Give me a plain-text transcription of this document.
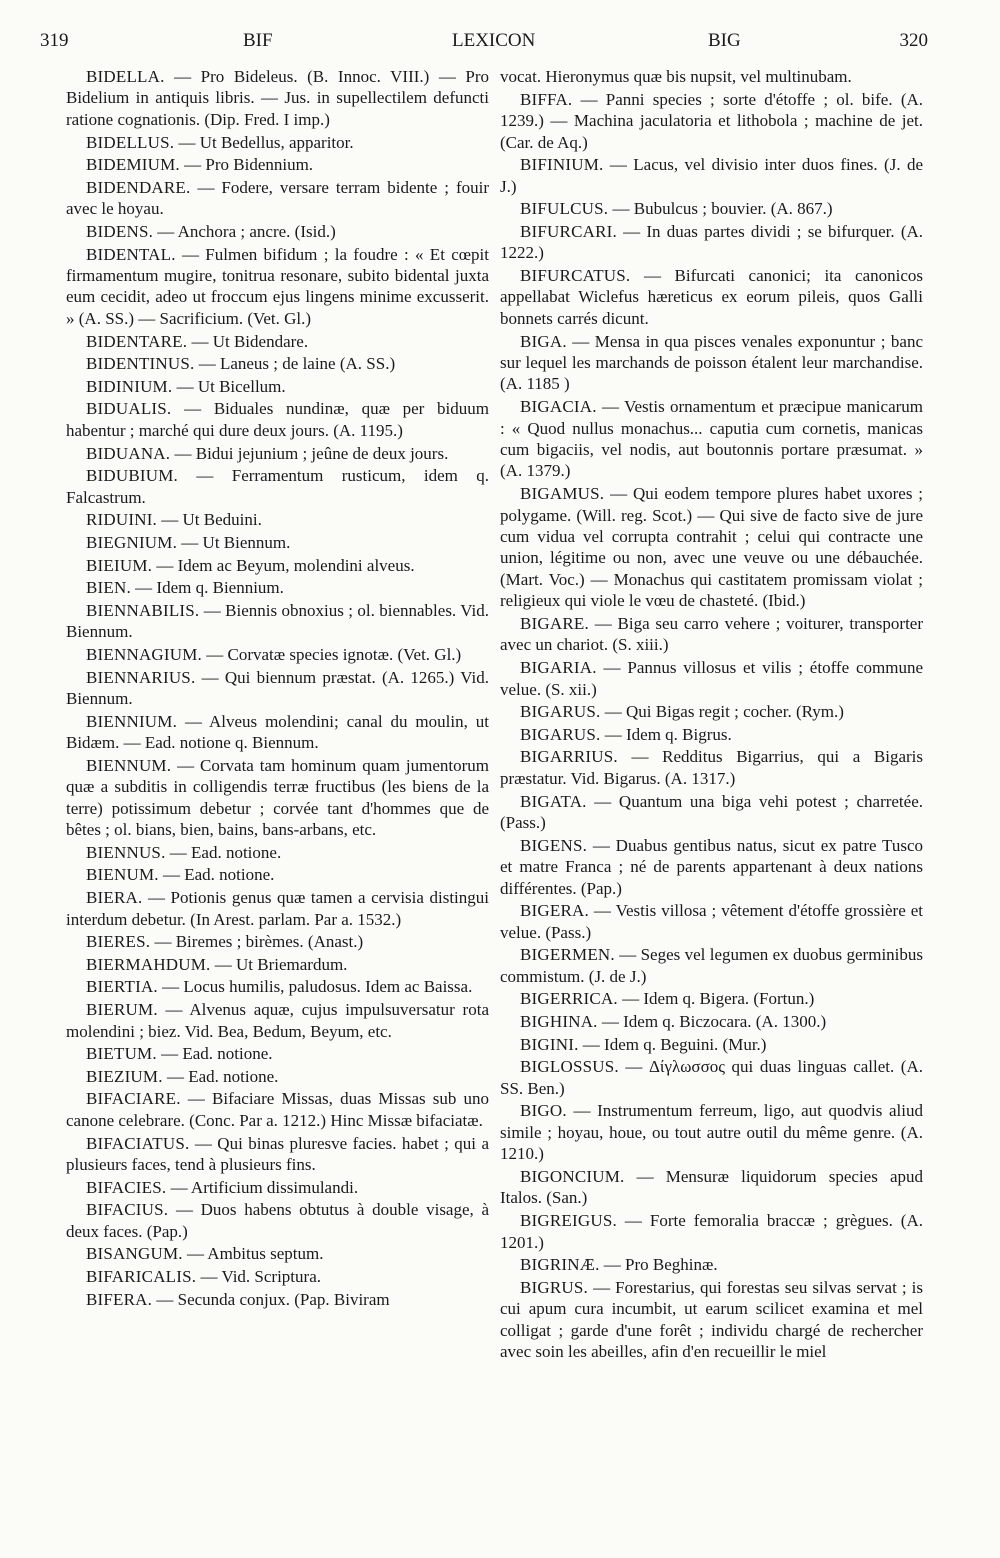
319	BIF	LEXICON	BIG	320

BIDELLA. — Pro Bideleus. (B. Innoc. VIII.) — Pro Bidelium in antiquis libris. — Jus. in supellectilem defuncti ratione cognationis. (Dip. Fred. I imp.)

BIDELLUS. — Ut Bedellus, apparitor.

BIDEMIUM. — Pro Bidennium.

BIDENDARE. — Fodere, versare terram bidente ; fouir avec le hoyau.

BIDENS. — Anchora ; ancre. (Isid.)

BIDENTAL. — Fulmen bifidum ; la foudre : « Et cœpit firmamentum mugire, tonitrua resonare, subito bidental juxta eum cecidit, adeo ut froccum ejus lingens minime excusserit. » (A. SS.) — Sacrificium. (Vet. Gl.)

BIDENTARE. — Ut Bidendare.

BIDENTINUS. — Laneus ; de laine (A. SS.)

BIDINIUM. — Ut Bicellum.

BIDUALIS. — Biduales nundinæ, quæ per biduum habentur ; marché qui dure deux jours. (A. 1195.)

BIDUANA. — Bidui jejunium ; jeûne de deux jours.

BIDUBIUM. — Ferramentum rusticum, idem q. Falcastrum.

RIDUINI. — Ut Beduini.

BIEGNIUM. — Ut Biennum.

BIEIUM. — Idem ac Beyum, molendini alveus.

BIEN. — Idem q. Biennium.

BIENNABILIS. — Biennis obnoxius ; ol. biennables. Vid. Biennum.

BIENNAGIUM. — Corvatæ species ignotæ. (Vet. Gl.)

BIENNARIUS. — Qui biennum præstat. (A. 1265.) Vid. Biennum.

BIENNIUM. — Alveus molendini; canal du moulin, ut Bidæm. — Ead. notione q. Biennum.

BIENNUM. — Corvata tam hominum quam jumentorum quæ a subditis in colligendis terræ fructibus (les biens de la terre) potissimum debetur ; corvée tant d'hommes que de bêtes ; ol. bians, bien, bains, bans-arbans, etc.

BIENNUS. — Ead. notione.

BIENUM. — Ead. notione.

BIERA. — Potionis genus quæ tamen a cervisia distingui interdum debetur. (In Arest. parlam. Par a. 1532.)

BIERES. — Biremes ; birèmes. (Anast.)

BIERMAHDUM. — Ut Briemardum.

BIERTIA. — Locus humilis, paludosus. Idem ac Baissa.

BIERUM. — Alvenus aquæ, cujus impulsuversatur rota molendini ; biez. Vid. Bea, Bedum, Beyum, etc.

BIETUM. — Ead. notione.

BIEZIUM. — Ead. notione.

BIFACIARE. — Bifaciare Missas, duas Missas sub uno canone celebrare. (Conc. Par a. 1212.) Hinc Missæ bifaciatæ.

BIFACIATUS. — Qui binas pluresve facies. habet ; qui a plusieurs faces, tend à plusieurs fins.

BIFACIES. — Artificium dissimulandi.

BIFACIUS. — Duos habens obtutus à double visage, à deux faces. (Pap.)

BISANGUM. — Ambitus septum.

BIFARICALIS. — Vid. Scriptura.

BIFERA. — Secunda conjux. (Pap. Biviram

vocat. Hieronymus quæ bis nupsit, vel multinubam.

BIFFA. — Panni species ; sorte d'étoffe ; ol. bife. (A. 1239.) — Machina jaculatoria et lithobola ; machine de jet. (Car. de Aq.)

BIFINIUM. — Lacus, vel divisio inter duos fines. (J. de J.)

BIFULCUS. — Bubulcus ; bouvier. (A. 867.)

BIFURCARI. — In duas partes dividi ; se bifurquer. (A. 1222.)

BIFURCATUS. — Bifurcati canonici; ita canonicos appellabat Wiclefus hæreticus ex eorum pileis, quos Galli bonnets carrés dicunt.

BIGA. — Mensa in qua pisces venales exponuntur ; banc sur lequel les marchands de poisson étalent leur marchandise. (A. 1185 )

BIGACIA. — Vestis ornamentum et præcipue manicarum : « Quod nullus monachus... caputia cum cornetis, manicas cum bigaciis, vel nodis, aut boutonnis portare præsumat. » (A. 1379.)

BIGAMUS. — Qui eodem tempore plures habet uxores ; polygame. (Will. reg. Scot.) — Qui sive de facto sive de jure cum vidua vel corrupta contrahit ; celui qui contracte une union, légitime ou non, avec une veuve ou une débauchée. (Mart. Voc.) — Monachus qui castitatem promissam violat ; religieux qui viole le vœu de chasteté. (Ibid.)

BIGARE. — Biga seu carro vehere ; voiturer, transporter avec un chariot. (S. xiii.)

BIGARIA. — Pannus villosus et vilis ; étoffe commune velue. (S. xii.)

BIGARUS. — Qui Bigas regit ; cocher. (Rym.)

BIGARUS. — Idem q. Bigrus.

BIGARRIUS. — Redditus Bigarrius, qui a Bigaris præstatur. Vid. Bigarus. (A. 1317.)

BIGATA. — Quantum una biga vehi potest ; charretée. (Pass.)

BIGENS. — Duabus gentibus natus, sicut ex patre Tusco et matre Franca ; né de parents appartenant à deux nations différentes. (Pap.)

BIGERA. — Vestis villosa ; vêtement d'étoffe grossière et velue. (Pass.)

BIGERMEN. — Seges vel legumen ex duobus germinibus commistum. (J. de J.)

BIGERRICA. — Idem q. Bigera. (Fortun.)

BIGHINA. — Idem q. Biczocara. (A. 1300.)

BIGINI. — Idem q. Beguini. (Mur.)

BIGLOSSUS. — Δίγλωσσος qui duas linguas callet. (A. SS. Ben.)

BIGO. — Instrumentum ferreum, ligo, aut quodvis aliud simile ; hoyau, houe, ou tout autre outil du même genre. (A. 1210.)

BIGONCIUM. — Mensuræ liquidorum species apud Italos. (San.)

BIGREIGUS. — Forte femoralia braccæ ; grègues. (A. 1201.)

BIGRINÆ. — Pro Beghinæ.

BIGRUS. — Forestarius, qui forestas seu silvas servat ; is cui apum cura incumbit, ut earum scilicet examina et mel colligat ; garde d'une forêt ; individu chargé de rechercher avec soin les abeilles, afin d'en recueillir le miel
